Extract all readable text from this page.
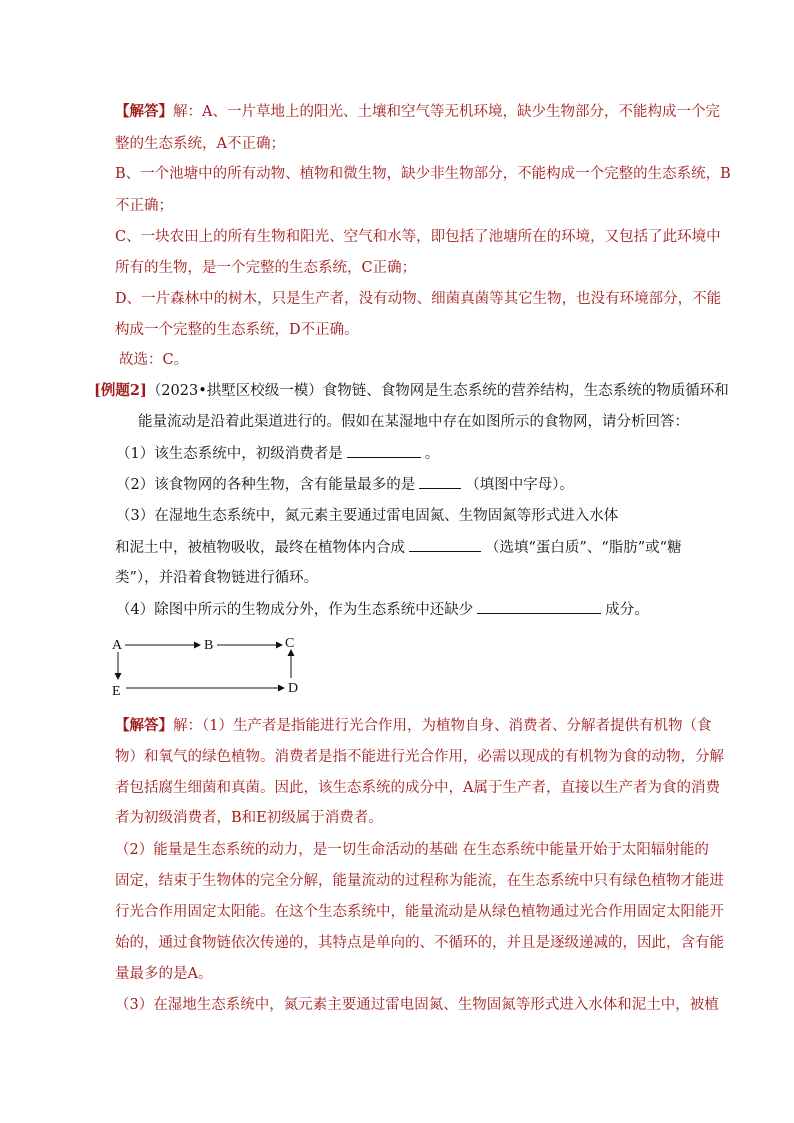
【解答】解：A、一片草地上的阳光、土壤和空气等无机环境，缺少生物部分，不能构成一个完
整的生态系统，A不正确；
B、一个池塘中的所有动物、植物和微生物，缺少非生物部分，不能构成一个完整的生态系统，B
不正确；
C、一块农田上的所有生物和阳光、空气和水等，即包括了池塘所在的环境，又包括了此环境中
所有的生物，是一个完整的生态系统，C正确；
D、一片森林中的树木，只是生产者，没有动物、细菌真菌等其它生物，也没有环境部分，不能
构成一个完整的生态系统，D不正确。
故选：C。
[例题2]（2023•拱墅区校级一模）食物链、食物网是生态系统的营养结构，生态系统的物质循环和
能量流动是沿着此渠道进行的。假如在某湿地中存在如图所示的食物网，请分析回答：
（1）该生态系统中，初级消费者是	。
（2）该食物网的各种生物，含有能量最多的是	（填图中字母）。
（3）在湿地生态系统中，氮元素主要通过雷电固氮、生物固氮等形式进入水体
和泥土中，被植物吸收，最终在植物体内合成	（选填“蛋白质”、“脂肪”或“糖
类”），并沿着食物链进行循环。
（4）除图中所示的生物成分外，作为生态系统中还缺少	成分。
A	B	C
D
E
【解答】解：（1）生产者是指能进行光合作用，为植物自身、消费者、分解者提供有机物（食
物）和氧气的绿色植物。消费者是指不能进行光合作用，必需以现成的有机物为食的动物，分解
者包括腐生细菌和真菌。因此，该生态系统的成分中，A属于生产者，直接以生产者为食的消费
者为初级消费者，B和E初级属于消费者。
（2）能量是生态系统的动力，是一切生命活动的基础 在生态系统中能量开始于太阳辐射能的
固定，结束于生物体的完全分解，能量流动的过程称为能流，在生态系统中只有绿色植物才能进
行光合作用固定太阳能。在这个生态系统中，能量流动是从绿色植物通过光合作用固定太阳能开
始的，通过食物链依次传递的，其特点是单向的、不循环的，并且是逐级递减的，因此，含有能
量最多的是A。
（3）在湿地生态系统中，氮元素主要通过雷电固氮、生物固氮等形式进入水体和泥土中，被植
